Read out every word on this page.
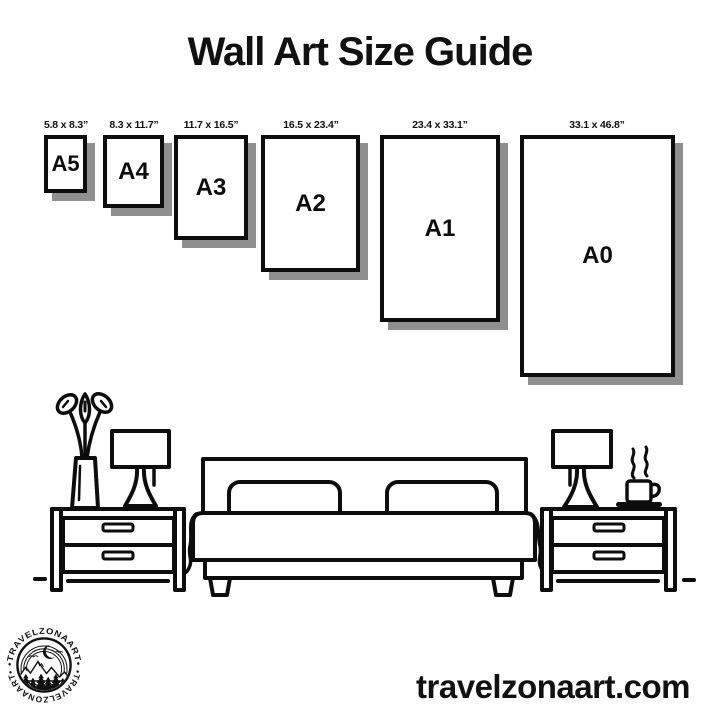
Wall Art Size Guide
5.8 x 8.3”	8.3 x 11.7”	11.7 x 16.5”	16.5 x 23.4”	23.4 x 33.1”	33.1 x 46.8”
A5 A4
A3
A2
A1
A0
•TRAVELZONAART•
•TRAVELZONAART•	travelzonaart.com
